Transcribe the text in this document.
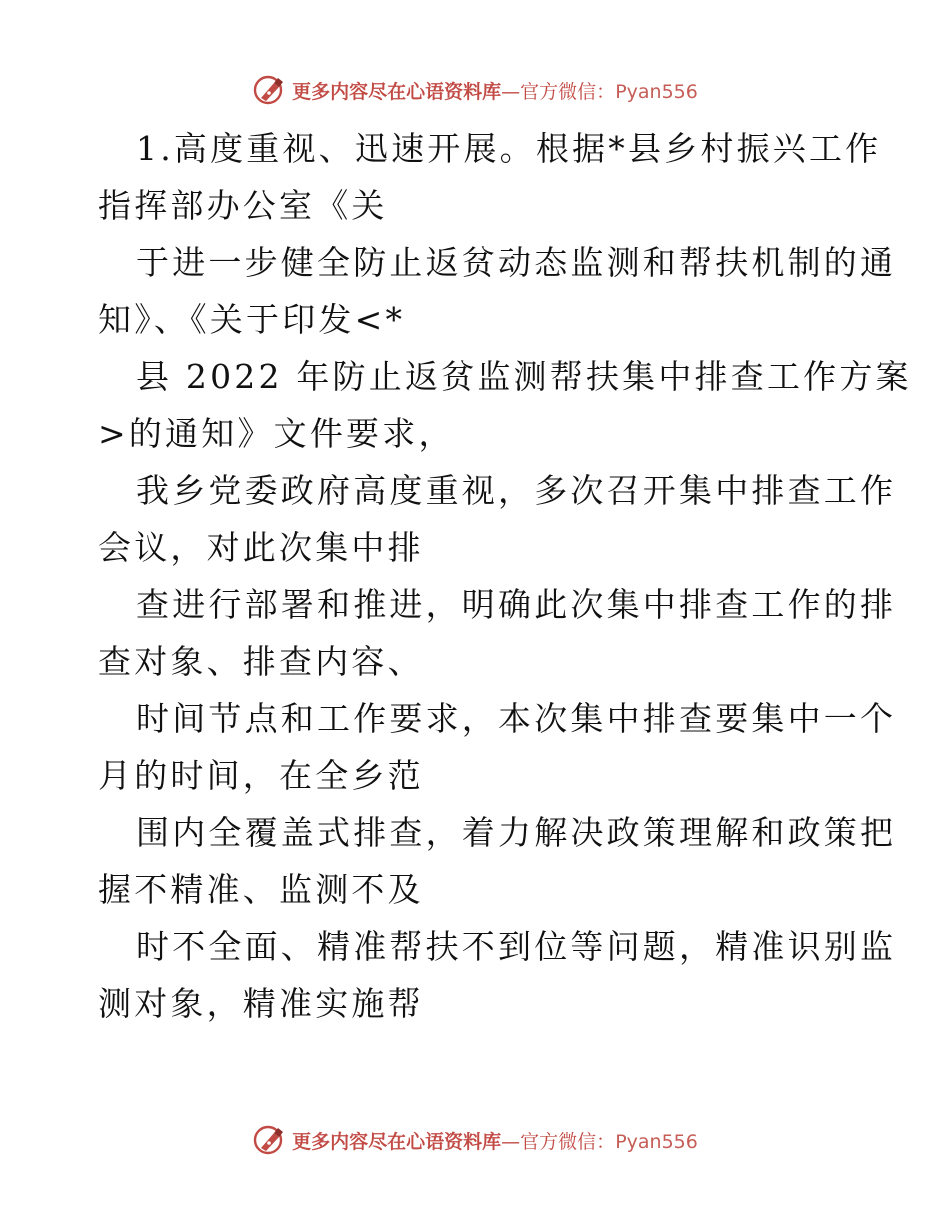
更多内容尽在心语资料库—官方微信：Pyan556
1.高度重视、迅速开展。根据*县乡村振兴工作
指挥部办公室《关
于进一步健全防止返贫动态监测和帮扶机制的通
知》、《关于印发<*
县 2022 年防止返贫监测帮扶集中排查工作方案
>的通知》文件要求，
我乡党委政府高度重视，多次召开集中排查工作
会议，对此次集中排
查进行部署和推进，明确此次集中排查工作的排
查对象、排查内容、
时间节点和工作要求，本次集中排查要集中一个
月的时间，在全乡范
围内全覆盖式排查，着力解决政策理解和政策把
握不精准、监测不及
时不全面、精准帮扶不到位等问题，精准识别监
测对象，精准实施帮
更多内容尽在心语资料库—官方微信：Pyan556
